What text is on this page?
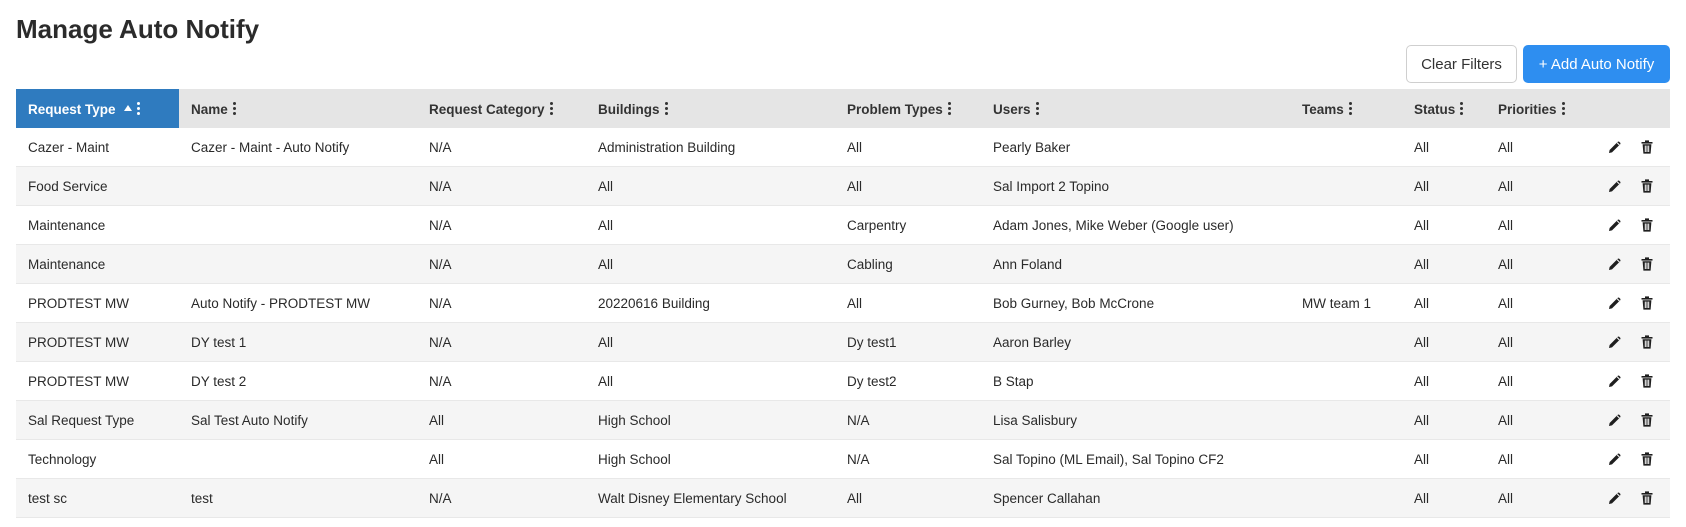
Manage Auto Notify
Clear Filters	+ Add Auto Notify
Request Type	Name	Request Category	Buildings	Problem Types	Users	Teams	Status	Priorities	
Cazer - Maint	Cazer - Maint - Auto Notify	N/A	Administration Building	All	Pearly Baker		All	All	

Food Service		N/A	All	All	Sal Import 2 Topino		All	All	

Maintenance		N/A	All	Carpentry	Adam Jones, Mike Weber (Google user)		All	All	

Maintenance		N/A	All	Cabling	Ann Foland		All	All	

PRODTEST MW	Auto Notify - PRODTEST MW	N/A	20220616 Building	All	Bob Gurney, Bob McCrone	MW team 1	All	All	

PRODTEST MW	DY test 1	N/A	All	Dy test1	Aaron Barley		All	All	

PRODTEST MW	DY test 2	N/A	All	Dy test2	B Stap		All	All	

Sal Request Type	Sal Test Auto Notify	All	High School	N/A	Lisa Salisbury		All	All	

Technology		All	High School	N/A	Sal Topino (ML Email), Sal Topino CF2		All	All	

test sc	test	N/A	Walt Disney Elementary School	All	Spencer Callahan		All	All	
